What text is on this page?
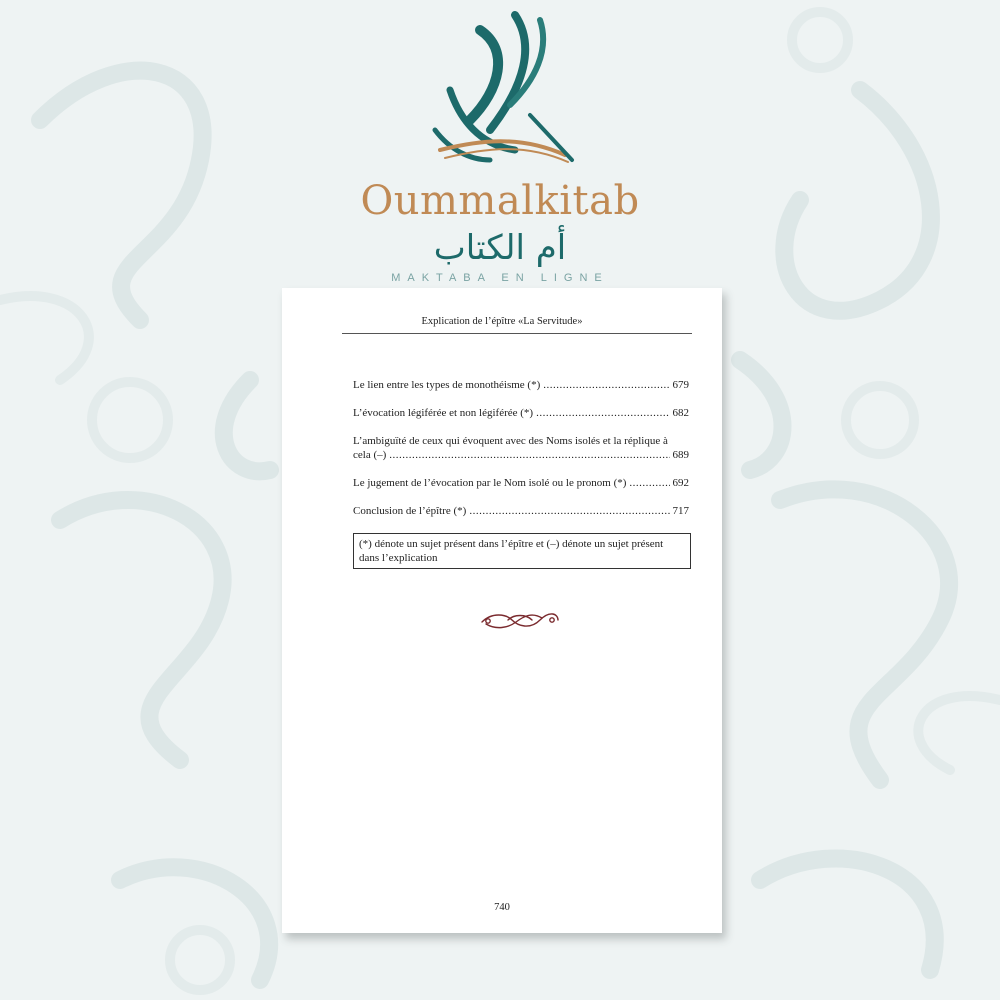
Oummalkitab
أم الكتاب
MAKTABA EN LIGNE
Explication de l’épître «La Servitude»
Le lien entre les types de monothéisme (*) .....	679
L’évocation légiférée et non légiférée (*) .....	682
L’ambiguïté de ceux qui évoquent avec des Noms isolés et la réplique à
cela (–) .....	689
Le jugement de l’évocation par le Nom isolé ou le pronom (*) .....	692
Conclusion de l’épître (*) .....	717
(*) dénote un sujet présent dans l’épître et (–) dénote un sujet présent dans l’explication
740
